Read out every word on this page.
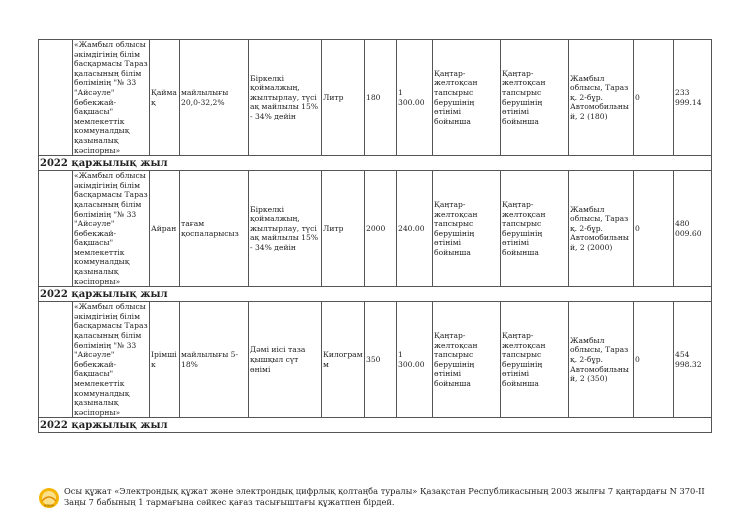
	«Жамбыл облысы әкімдігінің білім басқармасы Тараз қаласының білім бөлімінің "№ 33 "Айсәуле" бөбекжай-бақшасы" мемлекеттік коммуналдық қазыналық кәсіпорны»	Қаймақ	майлылығы 20,0-32,2%	Біркелкі қоймалжың, жылтырлау, түсі ақ майлылы 15% - 34% дейін	Литр	180	1 300.00	Қаңтар-желтоқсан тапсырыс берушінің өтінімі бойынша	Қаңтар-желтоқсан тапсырыс берушінің өтінімі бойынша	Жамбыл облысы, Тараз қ. 2-бұр. Автомобильный, 2 (180)	0	233 999.14

2022 қаржылық жыл												

	«Жамбыл облысы әкімдігінің білім басқармасы Тараз қаласының білім бөлімінің "№ 33 "Айсәуле" бөбекжай-бақшасы" мемлекеттік коммуналдық қазыналық кәсіпорны»	Айран	тағам қоспаларысыз	Біркелкі қоймалжың, жылтырлау, түсі ақ майлылы 15% - 34% дейін	Литр	2000	240.00	Қаңтар-желтоқсан тапсырыс берушінің өтінімі бойынша	Қаңтар-желтоқсан тапсырыс берушінің өтінімі бойынша	Жамбыл облысы, Тараз қ. 2-бұр. Автомобильный, 2 (2000)	0	480 009.60

2022 қаржылық жыл												

	«Жамбыл облысы әкімдігінің білім басқармасы Тараз қаласының білім бөлімінің "№ 33 "Айсәуле" бөбекжай-бақшасы" мемлекеттік коммуналдық қазыналық кәсіпорны»	Ірімшік	майлылығы 5-18%	Дәмі иісі таза қышқыл сүт өнімі	Килограмм	350	1 300.00	Қаңтар-желтоқсан тапсырыс берушінің өтінімі бойынша	Қаңтар-желтоқсан тапсырыс берушінің өтінімі бойынша	Жамбыл облысы, Тараз қ. 2-бұр. Автомобильный, 2 (350)	0	454 998.32

2022 қаржылық жыл												
eGov
Осы құжат «Электрондық құжат және электрондық цифрлық қолтаңба туралы» Қазақстан Республикасының 2003 жылғы 7 қаңтардағы N 370-II Заңы 7 бабының 1 тармағына сәйкес қағаз тасығыштағы құжатпен бірдей.
